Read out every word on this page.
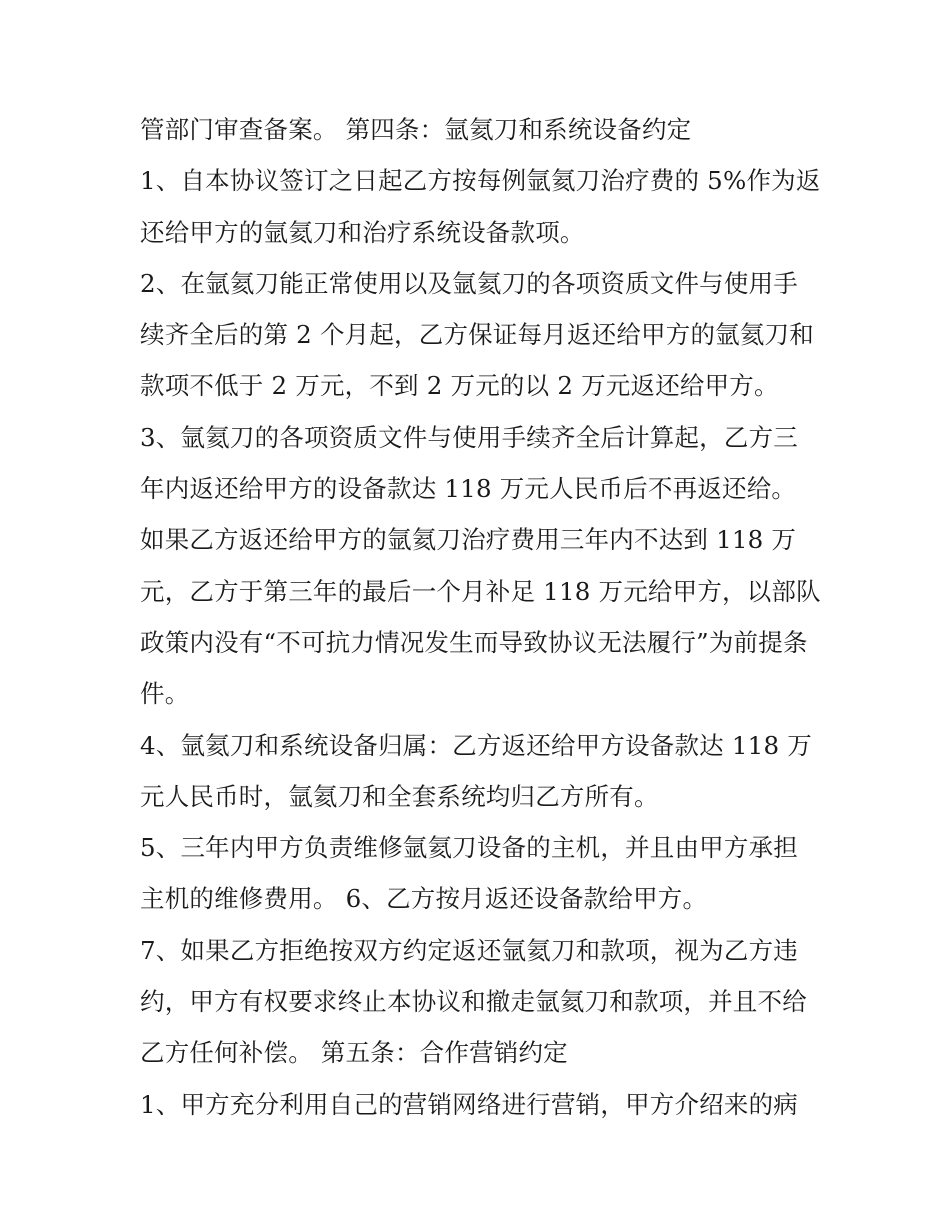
管部门审查备案。 第四条：氩氦刀和系统设备约定
1、自本协议签订之日起乙方按每例氩氦刀治疗费的 5%作为返
还给甲方的氩氦刀和治疗系统设备款项。
2、在氩氦刀能正常使用以及氩氦刀的各项资质文件与使用手
续齐全后的第 2 个月起，乙方保证每月返还给甲方的氩氦刀和
款项不低于 2 万元，不到 2 万元的以 2 万元返还给甲方。
3、氩氦刀的各项资质文件与使用手续齐全后计算起，乙方三
年内返还给甲方的设备款达 118 万元人民币后不再返还给。
如果乙方返还给甲方的氩氦刀治疗费用三年内不达到 118 万
元，乙方于第三年的最后一个月补足 118 万元给甲方，以部队
政策内没有“不可抗力情况发生而导致协议无法履行”为前提条
件。
4、氩氦刀和系统设备归属：乙方返还给甲方设备款达 118 万
元人民币时，氩氦刀和全套系统均归乙方所有。
5、三年内甲方负责维修氩氦刀设备的主机，并且由甲方承担
主机的维修费用。 6、乙方按月返还设备款给甲方。
7、如果乙方拒绝按双方约定返还氩氦刀和款项，视为乙方违
约，甲方有权要求终止本协议和撤走氩氦刀和款项，并且不给
乙方任何补偿。 第五条：合作营销约定
1、甲方充分利用自己的营销网络进行营销，甲方介绍来的病
